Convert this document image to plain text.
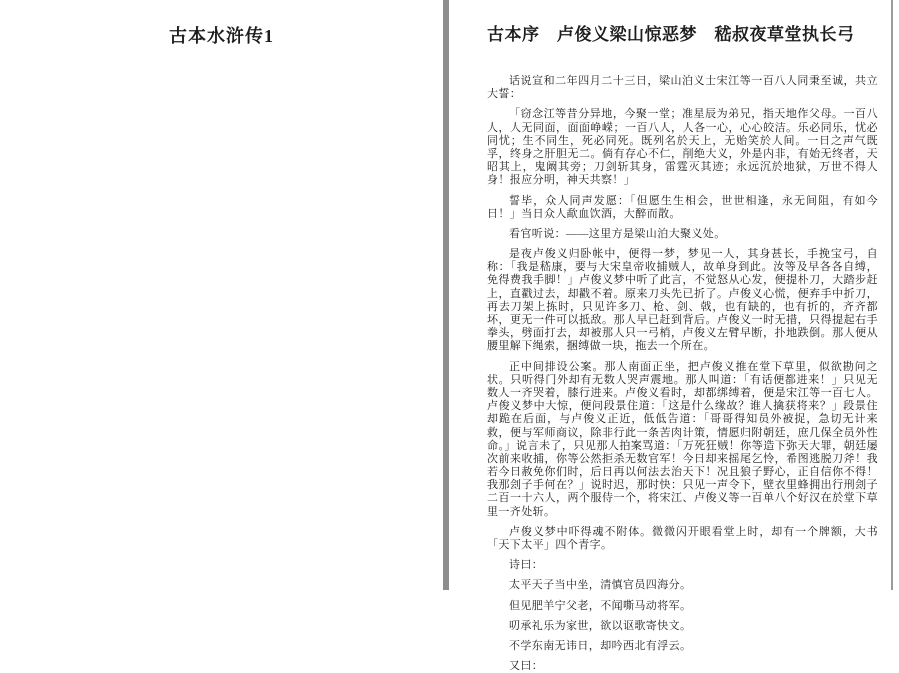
古本水浒传1	古本序　卢俊义梁山惊恶梦　嵇叔夜草堂执长弓

话说宣和二年四月二十三日，梁山泊义士宋江等一百八人同秉至诚，共立大誓：

「窃念江等昔分异地，今聚一堂；准星辰为弟兄，指天地作父母。一百八人，人无同面，面面峥嵘；一百八人，人各一心，心心皎洁。乐必同乐，忧必同忧；生不同生，死必同死。既列名於天上，无贻笑於人间。一日之声气既孚，终身之肝胆无二。倘有存心不仁，削绝大义，外是内非，有始无终者，天昭其上，鬼阚其旁；刀剑斩其身，雷霆灭其迹；永远沉於地狱，万世不得人身！报应分明，神天共察！」

誓毕，众人同声发愿：「但愿生生相会，世世相逢，永无间阻，有如今日！」当日众人歃血饮酒，大醉而散。

看官听说：——这里方是梁山泊大聚义处。

是夜卢俊义归卧帐中，便得一梦，梦见一人，其身甚长，手挽宝弓，自称：「我是嵇康，要与大宋皇帝收捕贼人，故单身到此。汝等及早各各自缚，免得费我手脚！」卢俊义梦中听了此言，不觉怒从心发，便提朴刀，大踏步赶上，直戳过去，却戳不着。原来刀头先已折了。卢俊义心慌，便弃手中折刀，再去刀架上拣时，只见许多刀、枪、剑、戟，也有缺的，也有折的，齐齐都坏，更无一件可以抵敌。那人早已赶到背后。卢俊义一时无措，只得提起右手拳头，劈面打去，却被那人只一弓梢，卢俊义左臂早断，扑地跌倒。那人便从腰里解下绳索，捆缚做一块，拖去一个所在。

正中间排设公案。那人南面正坐，把卢俊义推在堂下草里，似欲勘问之状。只听得门外却有无数人哭声震地。那人叫道：「有话便都进来！」只见无数人一齐哭着，膝行进来。卢俊义看时，却都绑缚着，便是宋江等一百七人。卢俊义梦中大惊，便问段景住道：「这是什么缘故？谁人擒获将来？」段景住却跪在后面，与卢俊义正近，低低告道：「哥哥得知员外被捉，急切无计来救，便与军师商议，除非行此一条苦肉计策，情愿归附朝廷，庶几保全员外性命。」说言未了，只见那人拍案骂道：「万死狂贼！你等造下弥天大罪，朝廷屡次前来收捕，你等公然拒杀无数官军！今日却来摇尾乞怜，希图逃脱刀斧！我若今日赦免你们时，后日再以何法去治天下！况且狼子野心，正自信你不得！我那刽子手何在？」说时迟，那时快：只见一声令下，壁衣里蜂拥出行刑刽子二百一十六人，两个服侍一个，将宋江、卢俊义等一百单八个好汉在於堂下草里一齐处斩。

卢俊义梦中吓得魂不附体。微微闪开眼看堂上时，却有一个牌额，大书「天下太平」四个青字。

诗曰：

太平天子当中坐，清慎官员四海分。

但见肥羊宁父老，不闻嘶马动将军。

叨承礼乐为家世，欲以讴歌寄快文。

不学东南无讳日，却吟西北有浮云。

又曰：
